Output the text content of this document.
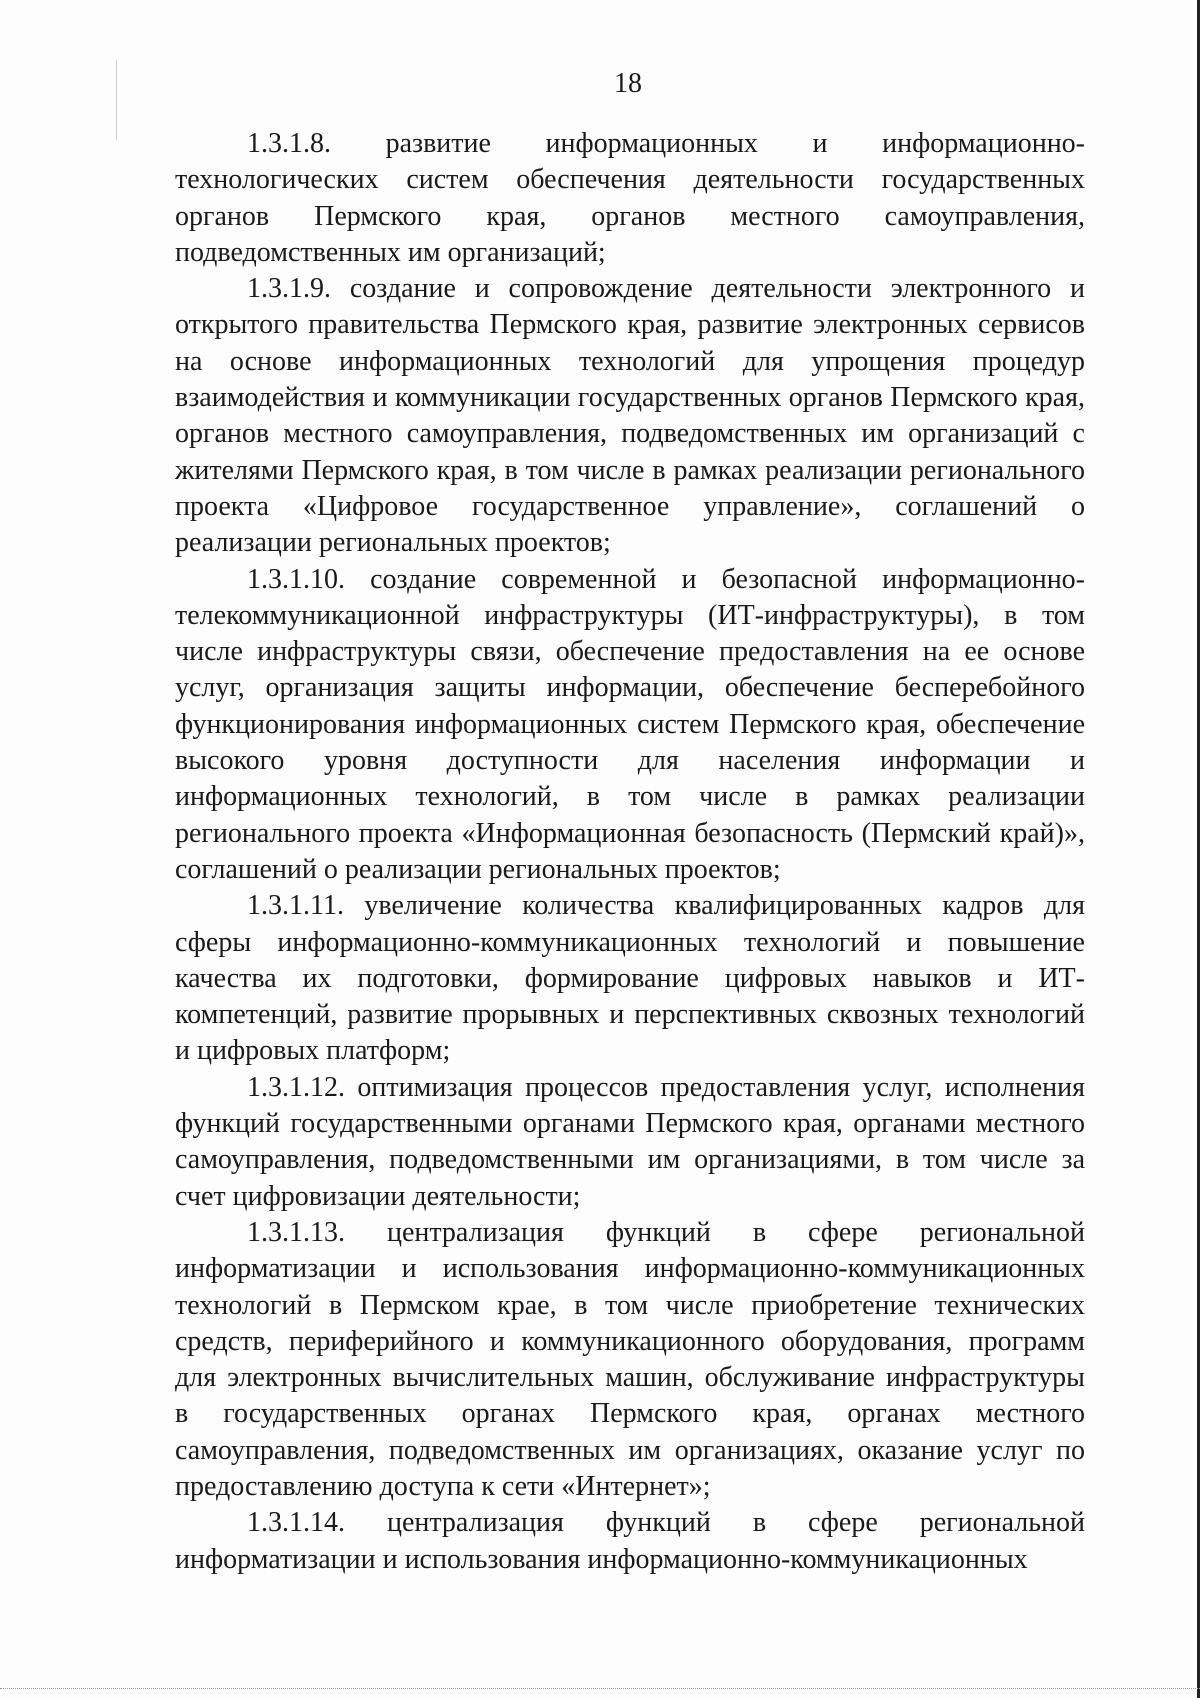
18

1.3.1.8. развитие информационных и информационно-технологических систем обеспечения деятельности государственных органов Пермского края, органов местного самоуправления, подведомственных им организаций;

1.3.1.9. создание и сопровождение деятельности электронного и открытого правительства Пермского края, развитие электронных сервисов на основе информационных технологий для упрощения процедур взаимодействия и коммуникации государственных органов Пермского края, органов местного самоуправления, подведомственных им организаций с жителями Пермского края, в том числе в рамках реализации регионального проекта «Цифровое государственное управление», соглашений о реализации региональных проектов;

1.3.1.10. создание современной и безопасной информационно-телекоммуникационной инфраструктуры (ИТ-инфраструктуры), в том числе инфраструктуры связи, обеспечение предоставления на ее основе услуг, организация защиты информации, обеспечение бесперебойного функционирования информационных систем Пермского края, обеспечение высокого уровня доступности для населения информации и информационных технологий, в том числе в рамках реализации регионального проекта «Информационная безопасность (Пермский край)», соглашений о реализации региональных проектов;

1.3.1.11. увеличение количества квалифицированных кадров для сферы информационно-коммуникационных технологий и повышение качества их подготовки, формирование цифровых навыков и ИТ-компетенций, развитие прорывных и перспективных сквозных технологий и цифровых платформ;

1.3.1.12. оптимизация процессов предоставления услуг, исполнения функций государственными органами Пермского края, органами местного самоуправления, подведомственными им организациями, в том числе за счет цифровизации деятельности;

1.3.1.13. централизация функций в сфере региональной информатизации и использования информационно-коммуникационных технологий в Пермском крае, в том числе приобретение технических средств, периферийного и коммуникационного оборудования, программ для электронных вычислительных машин, обслуживание инфраструктуры в государственных органах Пермского края, органах местного самоуправления, подведомственных им организациях, оказание услуг по предоставлению доступа к сети «Интернет»;

1.3.1.14. централизация функций в сфере региональной информатизации и использования информационно-коммуникационных
